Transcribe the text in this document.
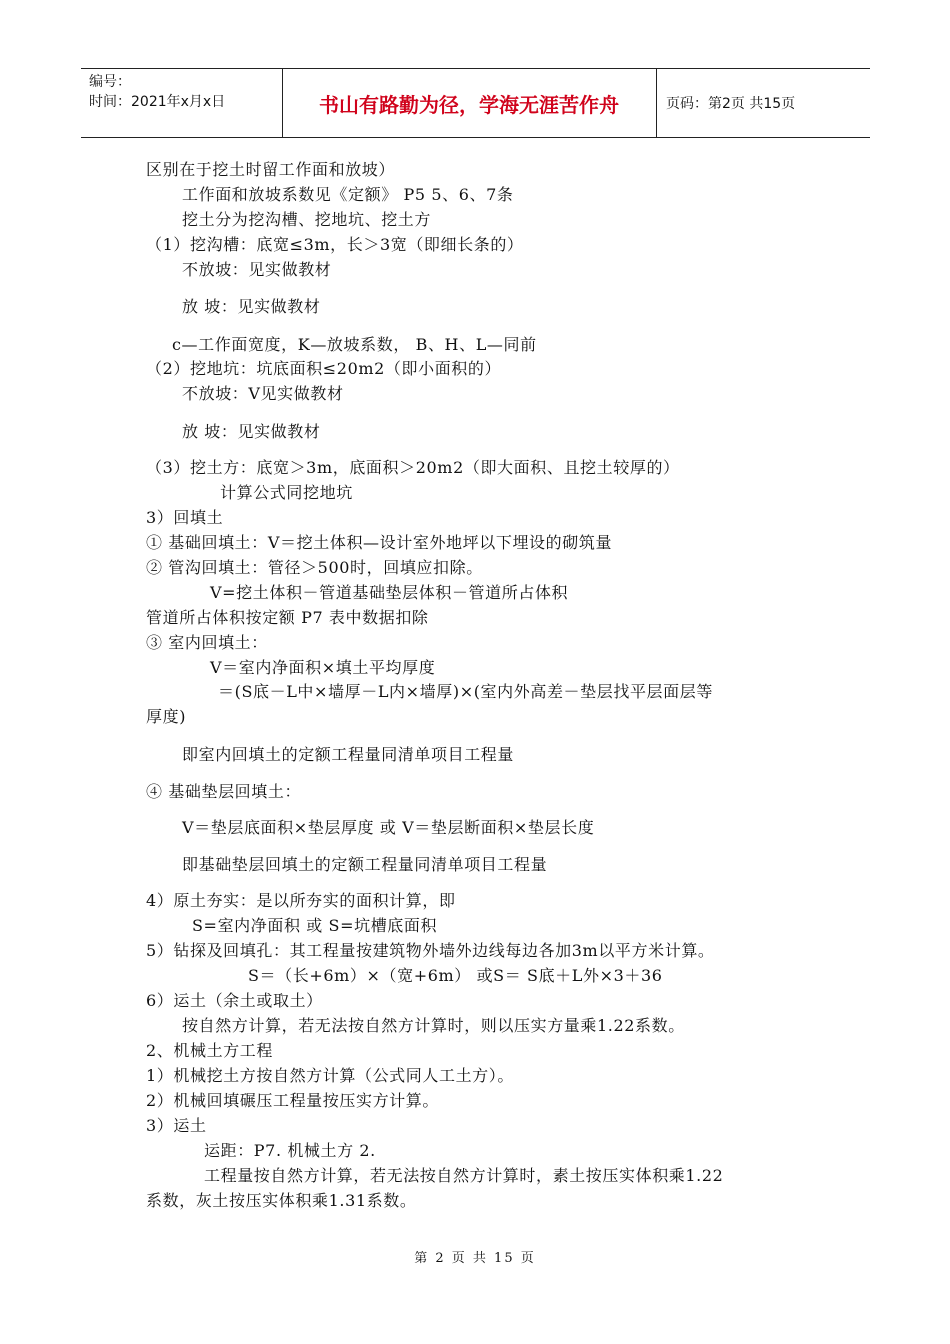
编号：
时间：2021年x月x日	书山有路勤为径，学海无涯苦作舟	页码：第2页 共15页
区别在于挖土时留工作面和放坡）
工作面和放坡系数见《定额》 P5 5、6、7条
挖土分为挖沟槽、挖地坑、挖土方
（1）挖沟槽：底宽≤3m，长＞3宽（即细长条的）
不放坡：见实做教材
放 坡：见实做教材
c—工作面宽度，K—放坡系数， B、H、L—同前
（2）挖地坑：坑底面积≤20m2（即小面积的）
不放坡：V见实做教材
放 坡：见实做教材
（3）挖土方：底宽＞3m，底面积＞20m2（即大面积、且挖土较厚的）
计算公式同挖地坑
3）回填土
① 基础回填土：V＝挖土体积—设计室外地坪以下埋设的砌筑量
② 管沟回填土：管径＞500时，回填应扣除。
V=挖土体积－管道基础垫层体积－管道所占体积
管道所占体积按定额 P7 表中数据扣除
③ 室内回填土：
V＝室内净面积×填土平均厚度
＝(S底－L中×墙厚－L内×墙厚)×(室内外高差－垫层找平层面层等
厚度)
即室内回填土的定额工程量同清单项目工程量
④ 基础垫层回填土：
V＝垫层底面积×垫层厚度 或 V＝垫层断面积×垫层长度
即基础垫层回填土的定额工程量同清单项目工程量
4）原土夯实：是以所夯实的面积计算，即
S=室内净面积 或 S=坑槽底面积
5）钻探及回填孔：其工程量按建筑物外墙外边线每边各加3m以平方米计算。
S＝（长+6m）×（宽+6m） 或S＝ S底＋L外×3＋36
6）运土（余土或取土）
按自然方计算，若无法按自然方计算时，则以压实方量乘1.22系数。
2、机械土方工程
1）机械挖土方按自然方计算（公式同人工土方）。
2）机械回填碾压工程量按压实方计算。
3）运土
运距：P7. 机械土方 2.
工程量按自然方计算，若无法按自然方计算时，素土按压实体积乘1.22
系数，灰土按压实体积乘1.31系数。
第 2 页 共 15 页
